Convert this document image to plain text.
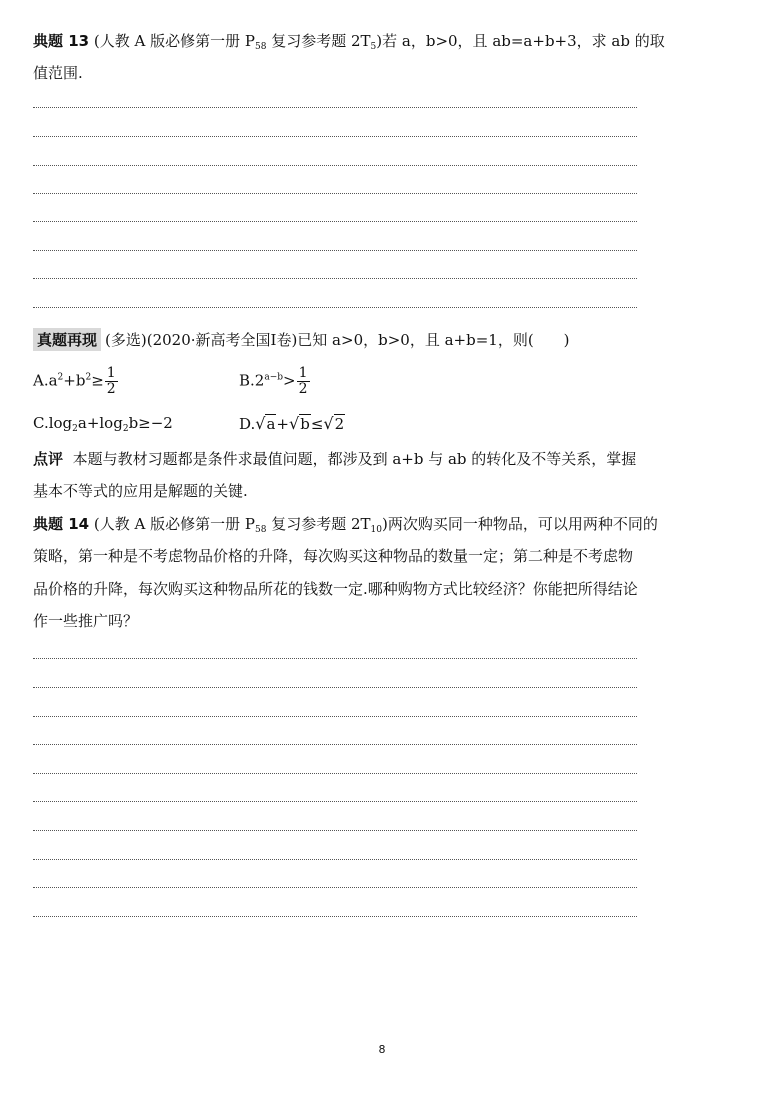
典题 13 (人教 A 版必修第一册 $P_{58}$ 复习参考题 $2T_5$)若 a，b>0，且 ab=a+b+3，求 ab 的取
值范围.
真题再现 (多选)(2020·新高考全国Ⅰ卷)已知 a>0，b>0，且 a+b=1，则(　　)
$A.a^2+b^2\ge \frac{1}{2}$	$B.2^{a-b}> \frac{1}{2}$
$C.\log_2a+\log_2b\ge-2$	D.√a+√b≤√2
点评 本题与教材习题都是条件求最值问题，都涉及到 a+b 与 ab 的转化及不等关系，掌握
基本不等式的应用是解题的关键.
典题 14 (人教 A 版必修第一册 $P_{58}$ 复习参考题 $2T_{10}$)两次购买同一种物品，可以用两种不同的
策略，第一种是不考虑物品价格的升降，每次购买这种物品的数量一定；第二种是不考虑物
品价格的升降，每次购买这种物品所花的钱数一定.哪种购物方式比较经济？你能把所得结论
作一些推广吗？
8
